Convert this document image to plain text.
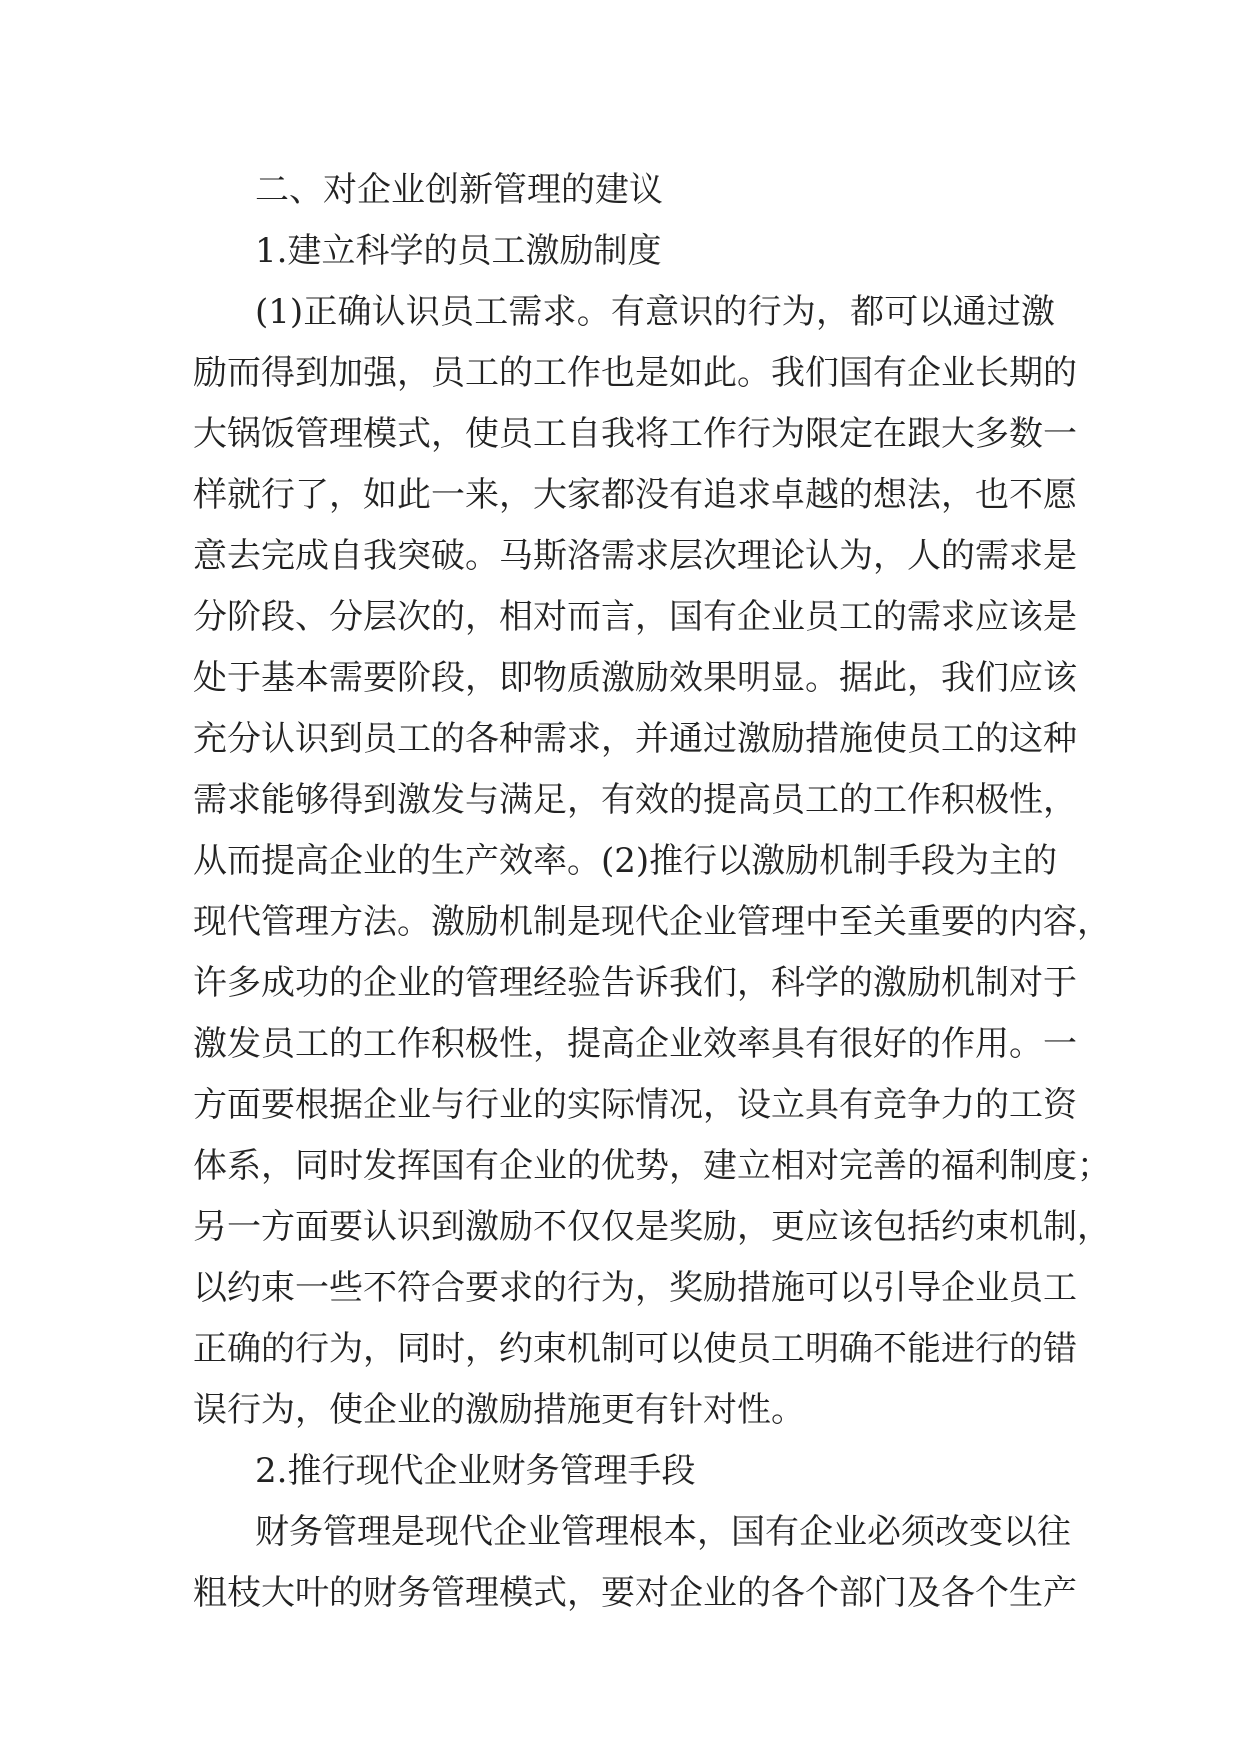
二、对企业创新管理的建议
1.建立科学的员工激励制度
(1)正确认识员工需求。有意识的行为，都可以通过激
励而得到加强，员工的工作也是如此。我们国有企业长期的
大锅饭管理模式，使员工自我将工作行为限定在跟大多数一
样就行了，如此一来，大家都没有追求卓越的想法，也不愿
意去完成自我突破。马斯洛需求层次理论认为，人的需求是
分阶段、分层次的，相对而言，国有企业员工的需求应该是
处于基本需要阶段，即物质激励效果明显。据此，我们应该
充分认识到员工的各种需求，并通过激励措施使员工的这种
需求能够得到激发与满足，有效的提高员工的工作积极性，
从而提高企业的生产效率。(2)推行以激励机制手段为主的
现代管理方法。激励机制是现代企业管理中至关重要的内容，
许多成功的企业的管理经验告诉我们，科学的激励机制对于
激发员工的工作积极性，提高企业效率具有很好的作用。一
方面要根据企业与行业的实际情况，设立具有竞争力的工资
体系，同时发挥国有企业的优势，建立相对完善的福利制度；
另一方面要认识到激励不仅仅是奖励，更应该包括约束机制，
以约束一些不符合要求的行为，奖励措施可以引导企业员工
正确的行为，同时，约束机制可以使员工明确不能进行的错
误行为，使企业的激励措施更有针对性。
2.推行现代企业财务管理手段
财务管理是现代企业管理根本，国有企业必须改变以往
粗枝大叶的财务管理模式，要对企业的各个部门及各个生产
